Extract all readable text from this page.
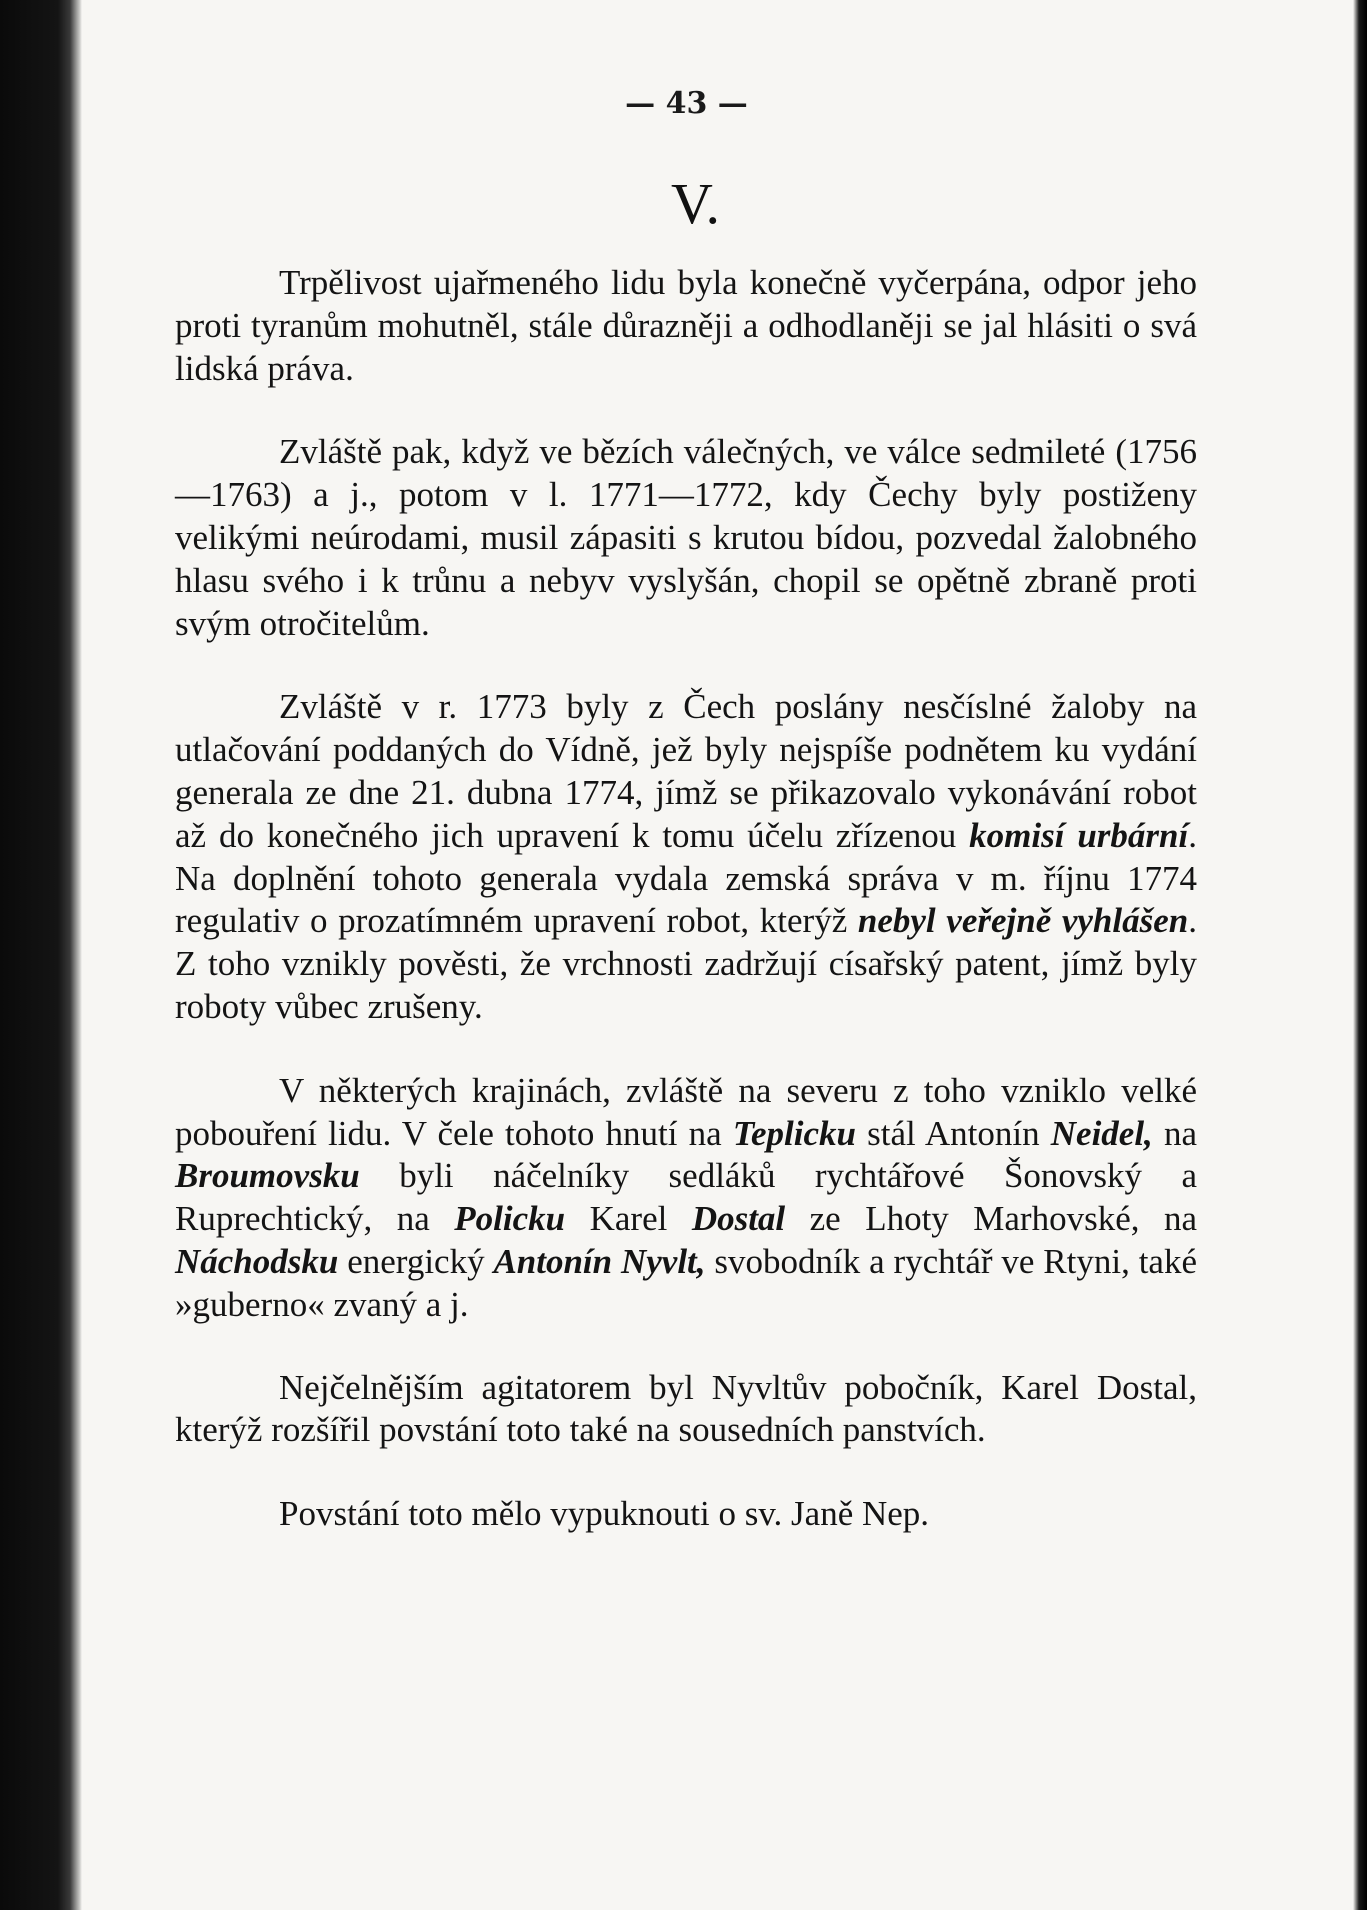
— 43 —
V.

Trpělivost ujařmeného lidu byla konečně vyčerpána, odpor jeho proti tyranům mohutněl, stále důrazněji a odhodlaněji se jal hlásiti o svá lidská práva.

Zvláště pak, když ve bězích válečných, ve válce sedmileté (1756—1763) a j., potom v l. 1771—1772, kdy Čechy byly postiženy velikými neúrodami, musil zápasiti s krutou bídou, pozvedal žalobného hlasu svého i k trůnu a nebyv vyslyšán, chopil se opětně zbraně proti svým otročitelům.

Zvláště v r. 1773 byly z Čech poslány nesčíslné žaloby na utlačování poddaných do Vídně, jež byly nejspíše podnětem ku vydání generala ze dne 21. dubna 1774, jímž se přikazovalo vykonávání robot až do konečného jich upravení k tomu účelu zřízenou komisí urbární. Na doplnění tohoto generala vydala zemská správa v m. říjnu 1774 regulativ o prozatímném upravení robot, kterýž nebyl veřejně vyhlášen. Z toho vznikly pověsti, že vrchnosti zadržují císařský patent, jímž byly roboty vůbec zrušeny.

V některých krajinách, zvláště na severu z toho vzniklo velké pobouření lidu. V čele tohoto hnutí na Teplicku stál Antonín Neidel, na Broumovsku byli náčelníky sedláků rychtářové Šonovský a Ruprechtický, na Policku Karel Dostal ze Lhoty Marhovské, na Náchodsku energický Antonín Nyvlt, svobodník a rychtář ve Rtyni, také »guberno« zvaný a j.

Nejčelnějším agitatorem byl Nyvltův pobočník, Karel Dostal, kterýž rozšířil povstání toto také na sousedních panstvích.

Povstání toto mělo vypuknouti o sv. Janě Nep.
